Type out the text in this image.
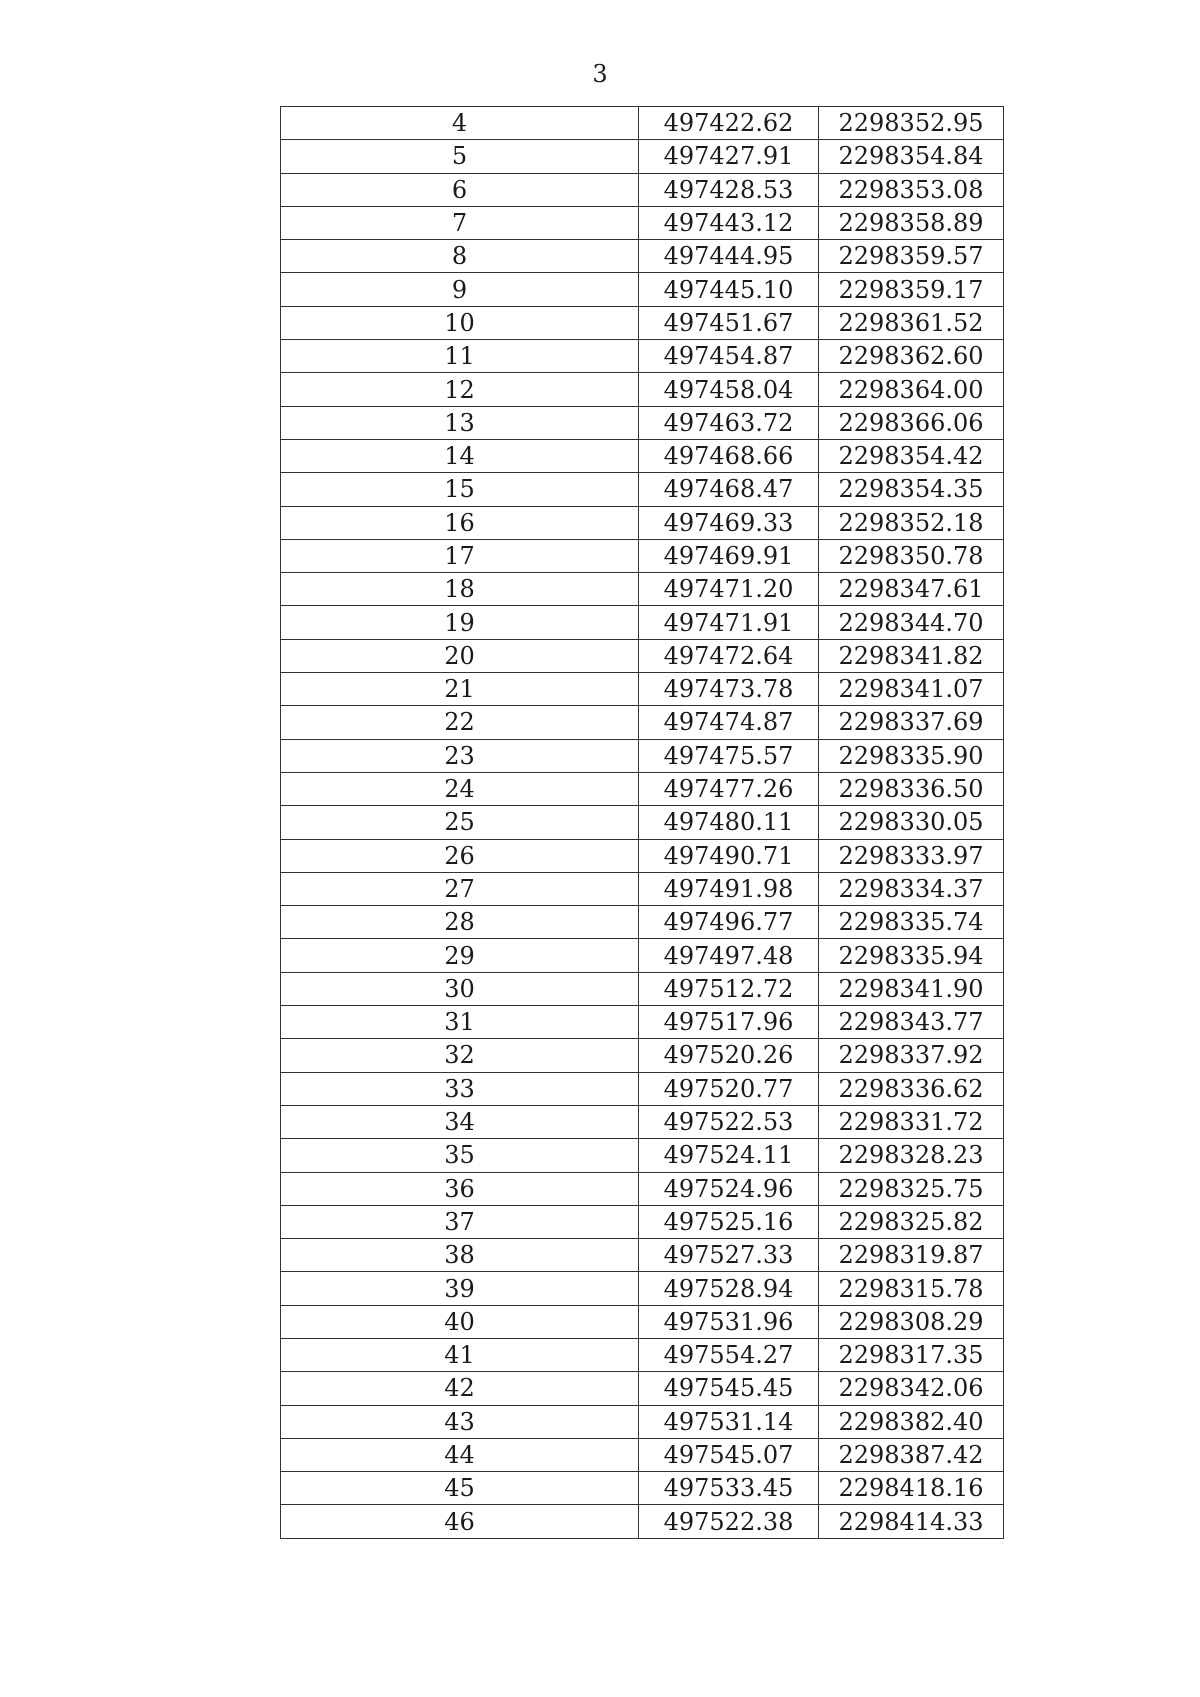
3
4	497422.62	2298352.95
5	497427.91	2298354.84
6	497428.53	2298353.08
7	497443.12	2298358.89
8	497444.95	2298359.57
9	497445.10	2298359.17
10	497451.67	2298361.52
11	497454.87	2298362.60
12	497458.04	2298364.00
13	497463.72	2298366.06
14	497468.66	2298354.42
15	497468.47	2298354.35
16	497469.33	2298352.18
17	497469.91	2298350.78
18	497471.20	2298347.61
19	497471.91	2298344.70
20	497472.64	2298341.82
21	497473.78	2298341.07
22	497474.87	2298337.69
23	497475.57	2298335.90
24	497477.26	2298336.50
25	497480.11	2298330.05
26	497490.71	2298333.97
27	497491.98	2298334.37
28	497496.77	2298335.74
29	497497.48	2298335.94
30	497512.72	2298341.90
31	497517.96	2298343.77
32	497520.26	2298337.92
33	497520.77	2298336.62
34	497522.53	2298331.72
35	497524.11	2298328.23
36	497524.96	2298325.75
37	497525.16	2298325.82
38	497527.33	2298319.87
39	497528.94	2298315.78
40	497531.96	2298308.29
41	497554.27	2298317.35
42	497545.45	2298342.06
43	497531.14	2298382.40
44	497545.07	2298387.42
45	497533.45	2298418.16
46	497522.38	2298414.33
